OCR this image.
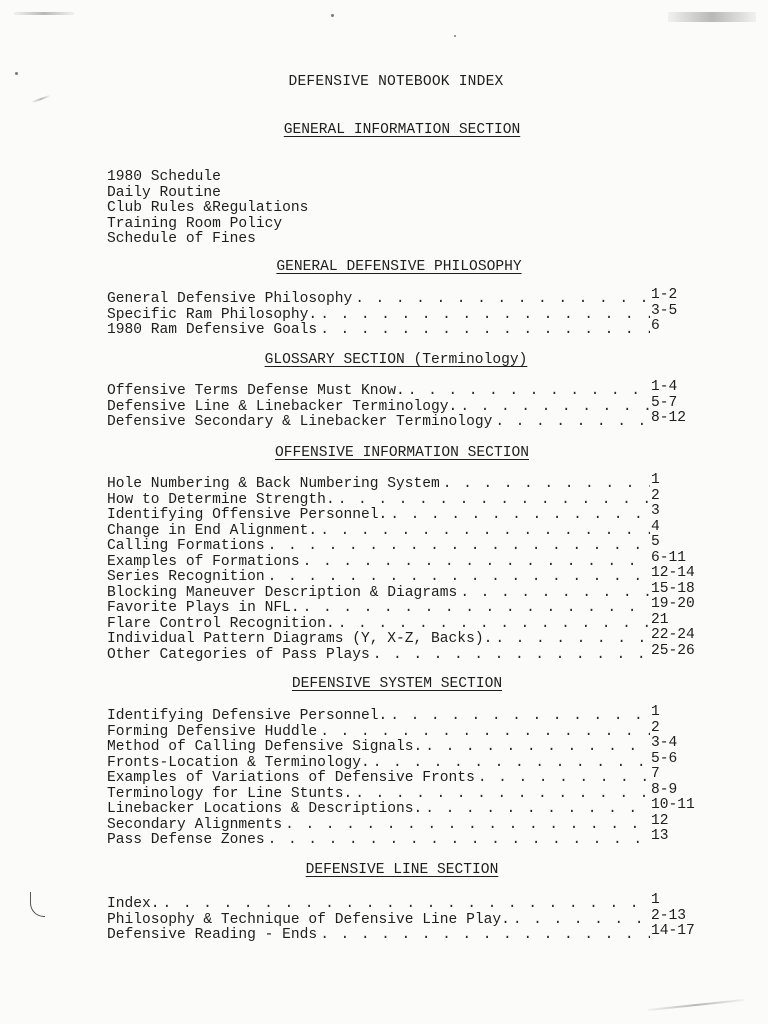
DEFENSIVE NOTEBOOK INDEX
GENERAL INFORMATION SECTION
1980 Schedule
Daily Routine
Club Rules &Regulations
Training Room Policy
Schedule of Fines
GENERAL DEFENSIVE PHILOSOPHY
General Defensive Philosophy . . .	1-2
Specific Ram Philosophy. . . .	3-5
1980 Ram Defensive Goals . . .	6
GLOSSARY SECTION (Terminology)
Offensive Terms Defense Must Know. . . .	1-4
Defensive Line & Linebacker Terminology. . . .	5-7
Defensive Secondary & Linebacker Terminology . . .	8-12
OFFENSIVE INFORMATION SECTION
Hole Numbering & Back Numbering System . . .	1
How to Determine Strength. . . .	2
Identifying Offensive Personnel. . . .	3
Change in End Alignment. . . .	4
Calling Formations . . .	5
Examples of Formations . . .	6-11
Series Recognition . . .	12-14
Blocking Maneuver Description & Diagrams . . .	15-18
Favorite Plays in NFL. . . .	19-20
Flare Control Recognition. . . .	21
Individual Pattern Diagrams (Y, X-Z, Backs). . . .	22-24
Other Categories of Pass Plays . . .	25-26
DEFENSIVE SYSTEM SECTION
Identifying Defensive Personnel. . . .	1
Forming Defensive Huddle . . .	2
Method of Calling Defensive Signals. . . .	3-4
Fronts-Location & Terminology. . . .	5-6
Examples of Variations of Defensive Fronts . . .	7
Terminology for Line Stunts. . . .	8-9
Linebacker Locations & Descriptions. . . .	10-11
Secondary Alignments . . .	12
Pass Defense Zones . . .	13
DEFENSIVE LINE SECTION
Index. . . .	1
Philosophy & Technique of Defensive Line Play. . . .	2-13
Defensive Reading - Ends . . .	14-17
